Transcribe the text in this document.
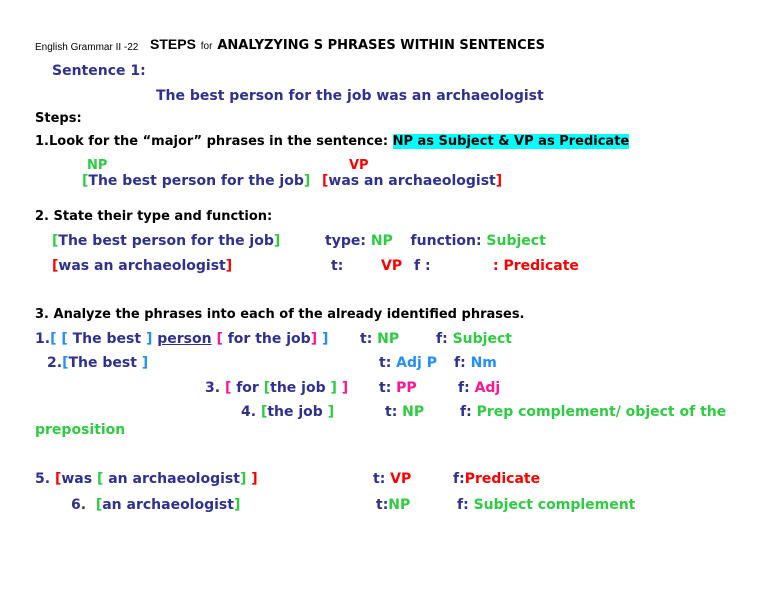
English Grammar II -22 STEPS for ANALYZYING S PHRASES WITHIN SENTENCES
Sentence 1:
The best person for the job was an archaeologist
Steps:
1.Look for the “major” phrases in the sentence: NP as Subject & VP as Predicate
NP	VP
[The best person for the job] [was an archaeologist]
2. State their type and function:
[The best person for the job]	type: NP function: Subject
[was an archaeologist]	t:	VP f :	: Predicate
3. Analyze the phrases into each of the already identified phrases.
1.[ [ The best ] person [ for the job] ] t: NP	f: Subject
2.[The best ]	t: Adj P f: Nm
3. [ for [the job ] ] t: PP	f: Adj
4. [the job ]	t: NP	f: Prep complement/ object of the
preposition
5. [was [ an archaeologist] ]	t: VP	f:Predicate
6. [an archaeologist]	t:NP	f: Subject complement
